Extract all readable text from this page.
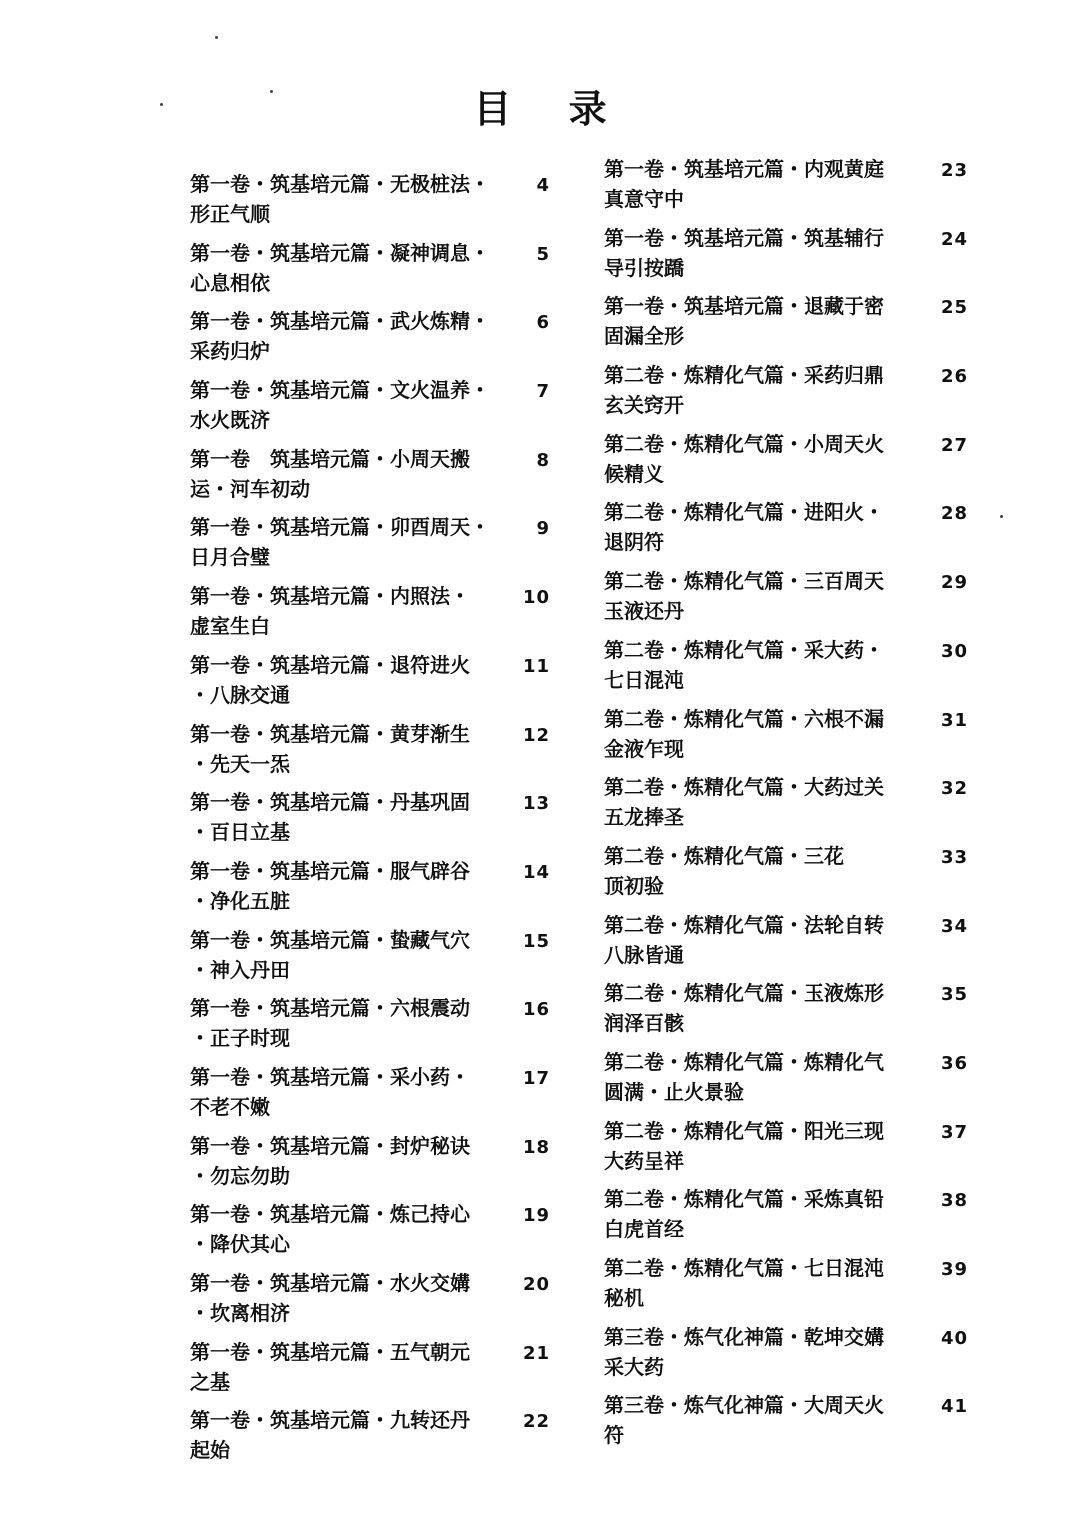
目 录
第一卷・筑基培元篇・无极桩法・	4
形正气顺
第一卷・筑基培元篇・凝神调息・	5
心息相依
第一卷・筑基培元篇・武火炼精・	6
采药归炉
第一卷・筑基培元篇・文火温养・	7
水火既济
第一卷　筑基培元篇・小周天搬	8
运・河车初动
第一卷・筑基培元篇・卯酉周天・	9
日月合璧
第一卷・筑基培元篇・内照法・	10
虚室生白
第一卷・筑基培元篇・退符进火	11
・八脉交通
第一卷・筑基培元篇・黄芽渐生	12
・先天一炁
第一卷・筑基培元篇・丹基巩固	13
・百日立基
第一卷・筑基培元篇・服气辟谷	14
・净化五脏
第一卷・筑基培元篇・蛰藏气穴	15
・神入丹田
第一卷・筑基培元篇・六根震动	16
・正子时现
第一卷・筑基培元篇・采小药・	17
不老不嫩
第一卷・筑基培元篇・封炉秘诀	18
・勿忘勿助
第一卷・筑基培元篇・炼己持心	19
・降伏其心
第一卷・筑基培元篇・水火交媾	20
・坎离相济
第一卷・筑基培元篇・五气朝元	21
之基
第一卷・筑基培元篇・九转还丹	22
起始
第一卷・筑基培元篇・内观黄庭	23
真意守中
第一卷・筑基培元篇・筑基辅行	24
导引按蹻
第一卷・筑基培元篇・退藏于密	25
固漏全形
第二卷・炼精化气篇・采药归鼎	26
玄关窍开
第二卷・炼精化气篇・小周天火	27
候精义
第二卷・炼精化气篇・进阳火・	28
退阴符
第二卷・炼精化气篇・三百周天	29
玉液还丹
第二卷・炼精化气篇・采大药・	30
七日混沌
第二卷・炼精化气篇・六根不漏	31
金液乍现
第二卷・炼精化气篇・大药过关	32
五龙捧圣
第二卷・炼精化气篇・三花	33
顶初验
第二卷・炼精化气篇・法轮自转	34
八脉皆通
第二卷・炼精化气篇・玉液炼形	35
润泽百骸
第二卷・炼精化气篇・炼精化气	36
圆满・止火景验
第二卷・炼精化气篇・阳光三现	37
大药呈祥
第二卷・炼精化气篇・采炼真铅	38
白虎首经
第二卷・炼精化气篇・七日混沌	39
秘机
第三卷・炼气化神篇・乾坤交媾	40
采大药
第三卷・炼气化神篇・大周天火	41
符
